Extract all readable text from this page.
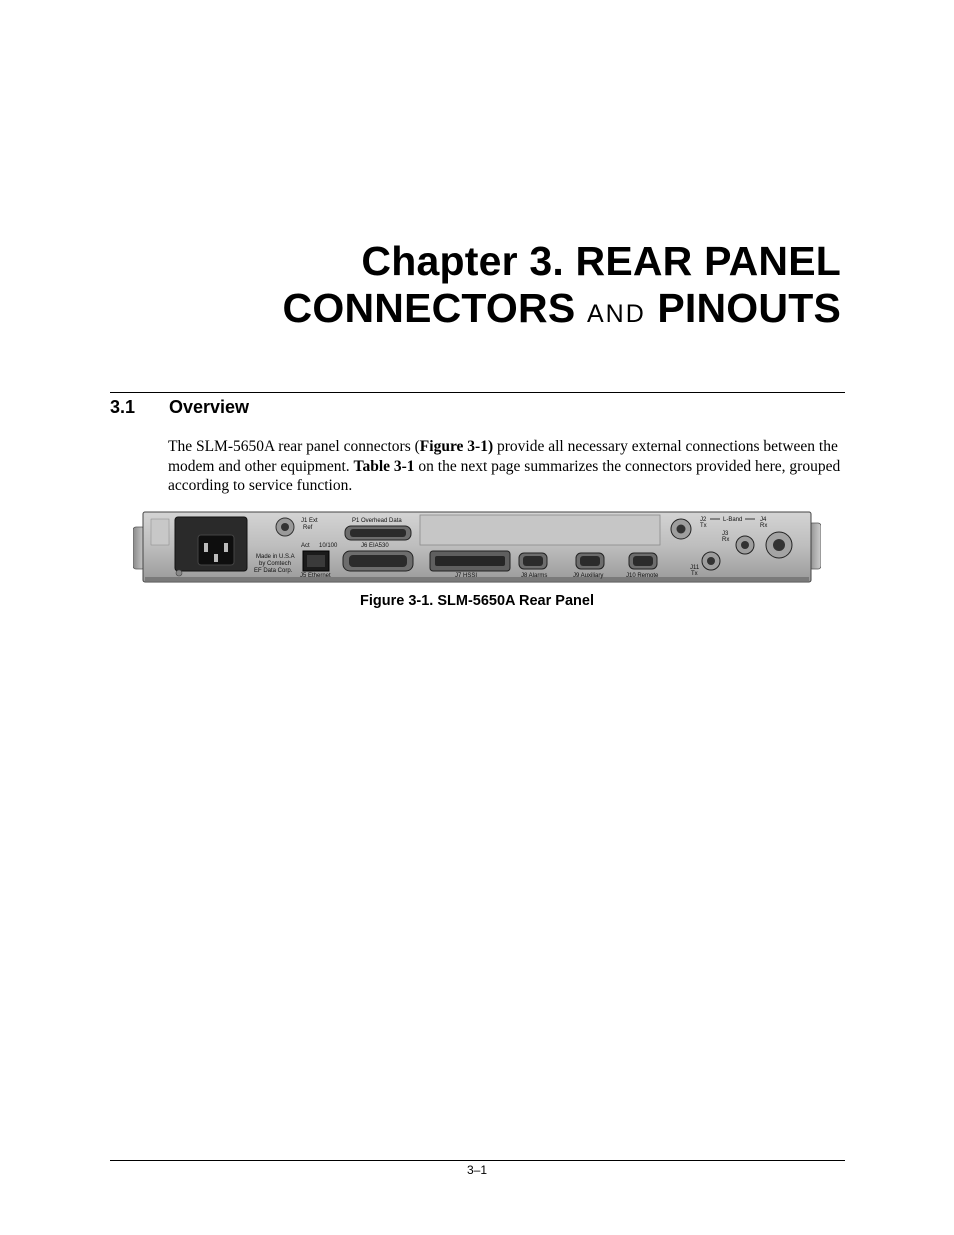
Chapter 3. REAR PANEL
CONNECTORS AND PINOUTS
3.1 Overview

The SLM-5650A rear panel connectors (Figure 3-1) provide all necessary external connections between the modem and other equipment. Table 3-1 on the next page summarizes the connectors provided here, grouped according to service function.

J1 Ext
Ref
P1 Overhead Data
J6 EIA530
Made in U.S.A
by Comtech
EF Data Corp.
Act 10/100
J5 Ethernet	J7 HSSI	J8 Alarms	J9 Auxiliary	J10 Remote
J2
Tx
L-Band	J4
Rx
J3
Rx
J11
Tx

Figure 3-1. SLM-5650A Rear Panel

3–1
